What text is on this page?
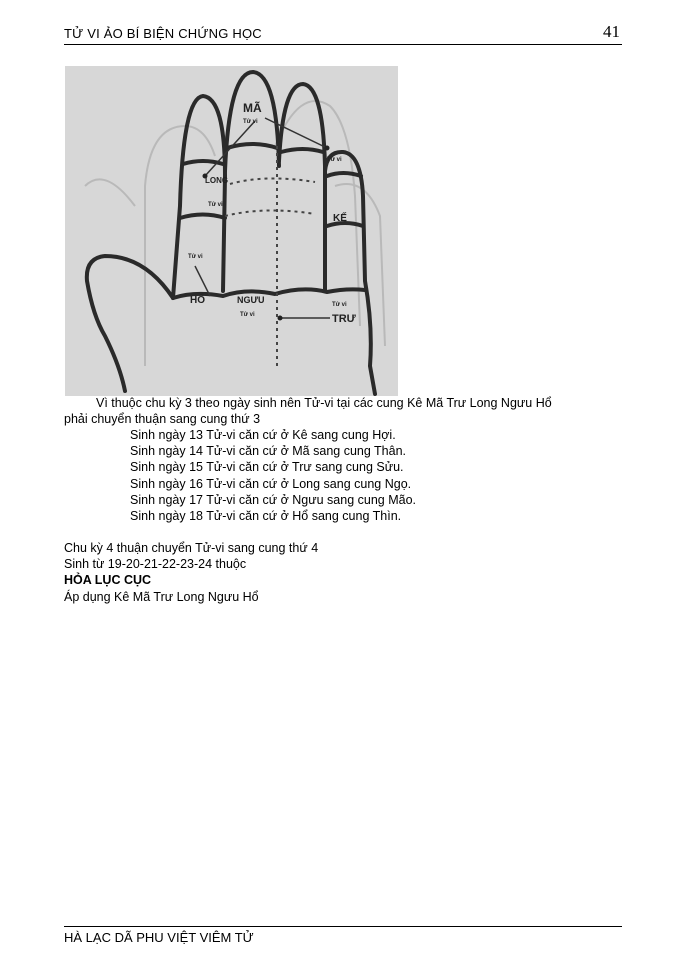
TỬ VI ẢO BÍ BIỆN CHỨNG HỌC	41
MÃ
Tử vi
Tử vi
LONG
Tử vi
KẾ
Tử vi
HỔ	NGƯU
Tử vi
Tử vi
TRƯ
Vì thuộc chu kỳ 3 theo ngày sinh nên Tử-vi tại các cung Kê Mã Trư Long Ngưu Hổ
phải chuyển thuận sang cung thứ 3
Sinh ngày 13 Tử-vi căn cứ ở Kê sang cung Hợi.
Sinh ngày 14 Tử-vi căn cứ ở Mã sang cung Thân.
Sinh ngày 15 Tử-vi căn cứ ở Trư sang cung Sửu.
Sinh ngày 16 Tử-vi căn cứ ở Long sang cung Ngọ.
Sinh ngày 17 Tử-vi căn cứ ở Ngưu sang cung Mão.
Sinh ngày 18 Tử-vi căn cứ ở Hổ sang cung Thìn.
Chu kỳ 4 thuận chuyển Tử-vi sang cung thứ 4
Sinh từ 19-20-21-22-23-24 thuộc
HỎA LỤC CỤC
Áp dụng Kê Mã Trư Long Ngưu Hổ
HÀ LẠC DÃ PHU VIỆT VIÊM TỬ
